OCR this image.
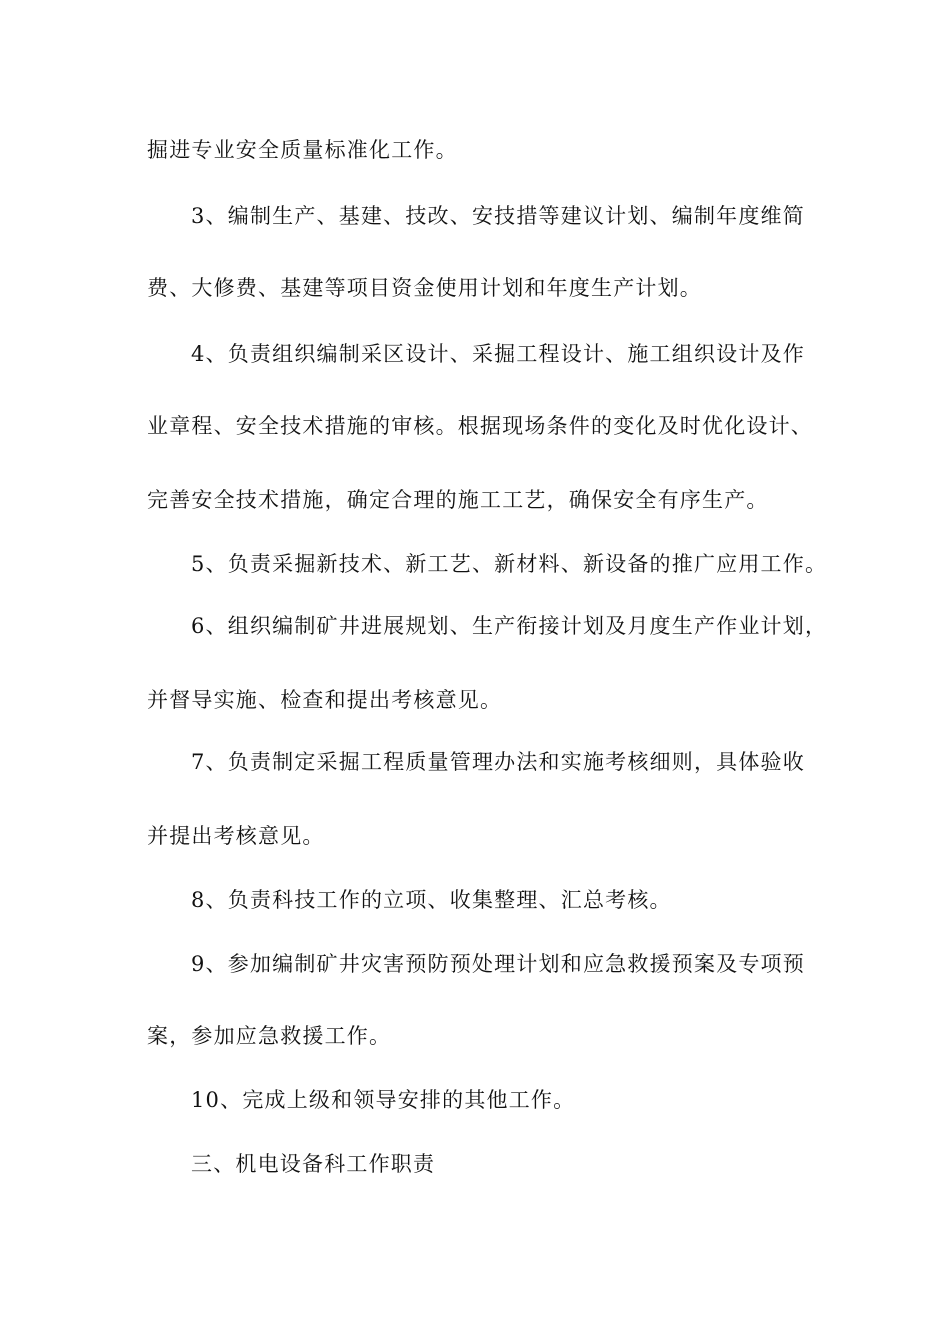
掘进专业安全质量标准化工作。
3、编制生产、基建、技改、安技措等建议计划、编制年度维简
费、大修费、基建等项目资金使用计划和年度生产计划。
4、负责组织编制采区设计、采掘工程设计、施工组织设计及作
业章程、安全技术措施的审核。根据现场条件的变化及时优化设计、
完善安全技术措施，确定合理的施工工艺，确保安全有序生产。
5、负责采掘新技术、新工艺、新材料、新设备的推广应用工作。
6、组织编制矿井进展规划、生产衔接计划及月度生产作业计划，
并督导实施、检查和提出考核意见。
7、负责制定采掘工程质量管理办法和实施考核细则，具体验收
并提出考核意见。
8、负责科技工作的立项、收集整理、汇总考核。
9、参加编制矿井灾害预防预处理计划和应急救援预案及专项预
案，参加应急救援工作。
10、完成上级和领导安排的其他工作。
三、机电设备科工作职责
